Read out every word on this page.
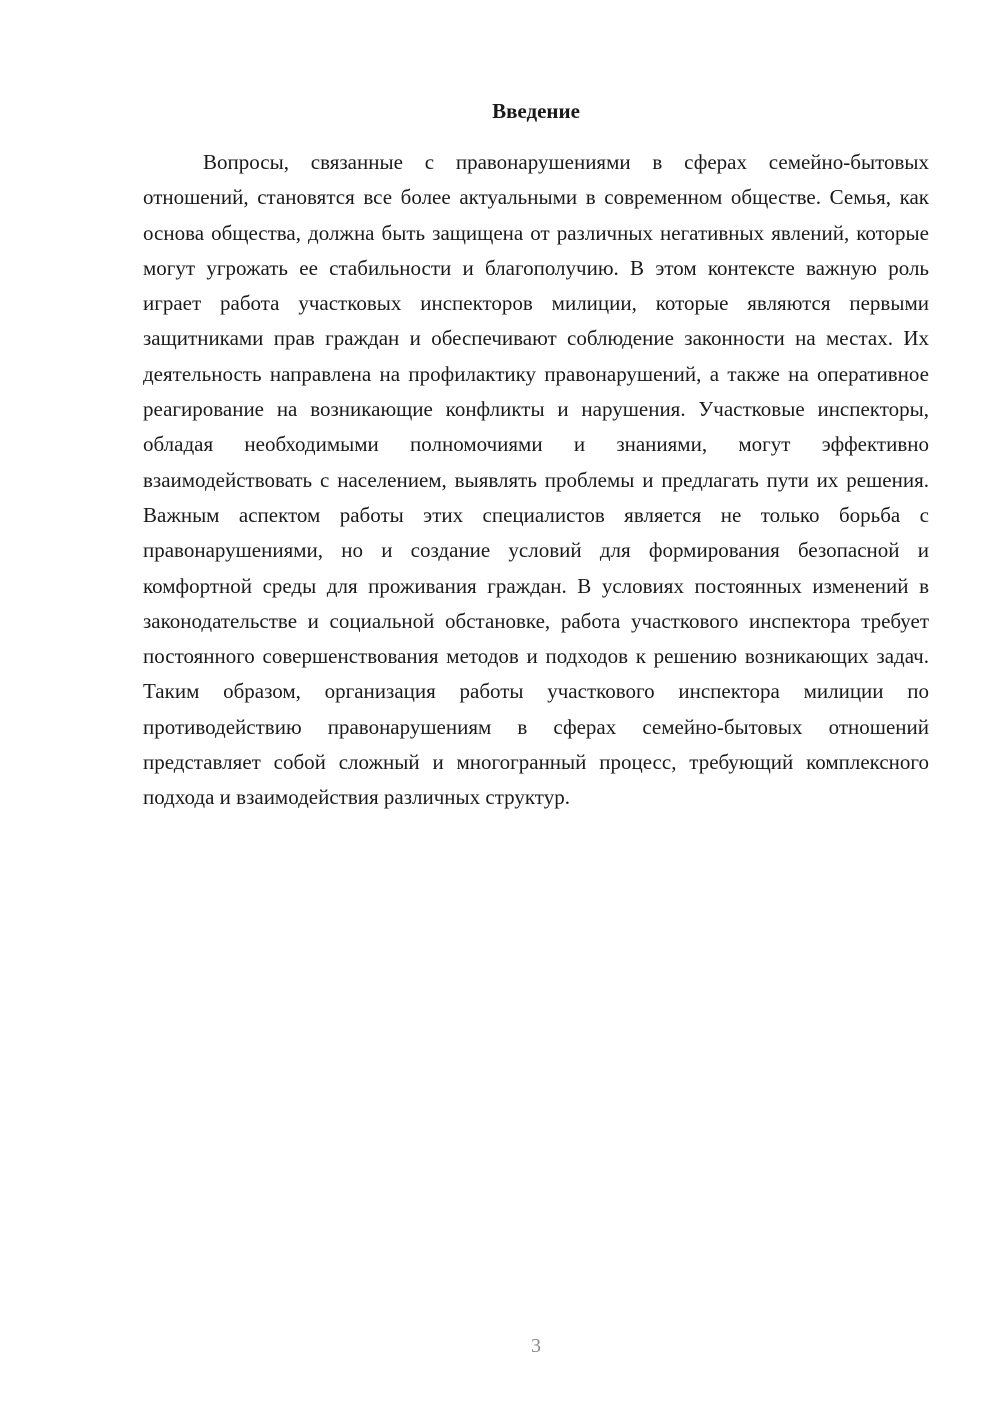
Введение

Вопросы, связанные с правонарушениями в сферах семейно-бытовых отношений, становятся все более актуальными в современном обществе. Семья, как основа общества, должна быть защищена от различных негативных явлений, которые могут угрожать ее стабильности и благополучию. В этом контексте важную роль играет работа участковых инспекторов милиции, которые являются первыми защитниками прав граждан и обеспечивают соблюдение законности на местах. Их деятельность направлена на профилактику правонарушений, а также на оперативное реагирование на возникающие конфликты и нарушения. Участковые инспекторы, обладая необходимыми полномочиями и знаниями, могут эффективно взаимодействовать с населением, выявлять проблемы и предлагать пути их решения. Важным аспектом работы этих специалистов является не только борьба с правонарушениями, но и создание условий для формирования безопасной и комфортной среды для проживания граждан. В условиях постоянных изменений в законодательстве и социальной обстановке, работа участкового инспектора требует постоянного совершенствования методов и подходов к решению возникающих задач. Таким образом, организация работы участкового инспектора милиции по противодействию правонарушениям в сферах семейно-бытовых отношений представляет собой сложный и многогранный процесс, требующий комплексного подхода и взаимодействия различных структур.

3
